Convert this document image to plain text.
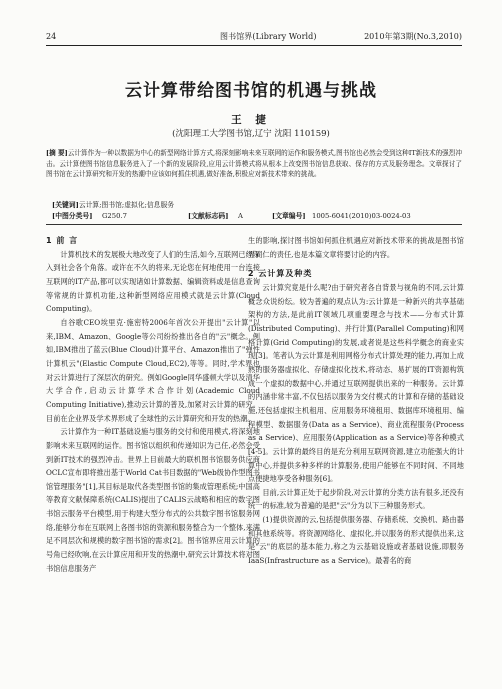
24	图书馆界(Library World)	2010年第3期(No.3,2010)
云计算带给图书馆的机遇与挑战
王 捷
(沈阳理工大学图书馆,辽宁 沈阳 110159)
[摘 要]云计算作为一种以数据为中心的新型网络计算方式,将深刻影响未来互联网的运作和服务模式,图书馆也必然会受到这种IT新技术的强烈冲击。云计算使图书馆信息服务进入了一个新的发展阶段,应用云计算模式将从根本上改变图书馆信息获取、保存的方式及服务理念。文章探讨了图书馆在云计算研究和开发的热潮中应该如何抓住机遇,做好准备,积极应对新技术带来的挑战。
[关键词]云计算;图书馆;虚拟化;信息服务
[中图分类号] G250.7	[文献标志码] A	[文章编号] 1005-6041(2010)03-0024-03
1 前 言

计算机技术的发展极大地改变了人们的生活,如今,互联网已经深入到社会各个角落。或许在不久的将来,无论您在何地使用一台连接互联网的IT产品,都可以实现诸如计算数据、编辑资料或是信息查询等常规的计算机功能,这种新型网络应用模式就是云计算(Cloud Computing)。

自谷歌CEO埃里克·施密特2006年首次公开提出"云计算"以来,IBM、Amazon、Google等公司纷纷推出各自的"云"概念。例如,IBM推出了蓝云(Blue Cloud)计算平台、Amazon推出了"弹性计算机云"(Elastic Compute Cloud,EC2),等等。同时,学术界也对云计算进行了深层次的研究。例如Google同华盛顿大学以及清华大学合作,启动云计算学术合作计划(Academic Cloud Computing Initiative),推动云计算的普及,加紧对云计算的研究。目前在企业界及学术界形成了全球性的云计算研究和开发的热潮。

云计算作为一种IT基础设施与服务的交付和使用模式,将深刻地影响未来互联网的运作。图书馆以组织和传递知识为己任,必然会受到新IT技术的强烈冲击。世界上目前最大的联机图书馆服务供应商OCLC宣布即将推出基于World Cat书目数据的"Web级协作型图书馆管理服务"[1],其目标是取代各类型图书馆的集成管理系统;中国高等教育文献保障系统(CALIS)提出了CALIS云战略和相应的数字图书馆云服务平台模型,用于构建大型分布式的公共数字图书馆服务网络,能够分布在互联网上各图书馆的资源和服务整合为一个整体,来满足不同层次和规模的数字图书馆的需求[2]。图书馆界应用云计算的号角已经吹响,在云计算应用和开发的热潮中,研究云计算技术将对图书馆信息服务产

生的影响,探讨图书馆如何抓住机遇应对新技术带来的挑战是图书馆界同仁的责任,也是本篇文章将要讨论的内容。

2 云计算及种类

云计算究竟是什么呢?由于研究者各自背景与视角的不同,云计算概念众说纷纭。较为普遍的观点认为:云计算是一种新兴的共享基础架构的方法,是此前IT领域几项重要理念与技术——分布式计算(Distributed Computing)、并行计算(Parallel Computing)和网格计算(Grid Computing)的发展,或者说是这些科学概念的商业实现[3]。笔者认为云计算是利用网格分布式计算处理的能力,再加上成熟的服务器虚拟化、存储虚拟化技术,将动态、易扩展的IT资源构筑成一个虚拟的数据中心,并通过互联网提供出来的一种服务。云计算的内涵非常丰富,不仅包括以服务为交付模式的计算和存储的基础设施,还包括虚拟主机租用、应用服务环境租用、数据库环境租用、编程模型、数据服务(Data as a Service)、商业流程服务(Process as a Service)、应用服务(Application as a Service)等各种模式[4-5]。云计算的最终目的是充分利用互联网资源,建立功能强大的计算中心,并提供多种多样的计算服务,使用户能够在不同时间、不同地点便捷地享受各种服务[6]。

目前,云计算正处于起步阶段,对云计算的分类方法有很多,还没有统一的标准,较为普遍的是把"云"分为以下三种服务形式。

(1)提供资源的云,包括提供服务器、存储系统、交换机、路由器和其他系统等。将资源网络化、虚拟化,并以服务的形式提供出来,这是"云"的底层的基本能力,称之为云基础设施或者基础设施,即服务IaaS(Infrastructure as a Service)。最著名的商
